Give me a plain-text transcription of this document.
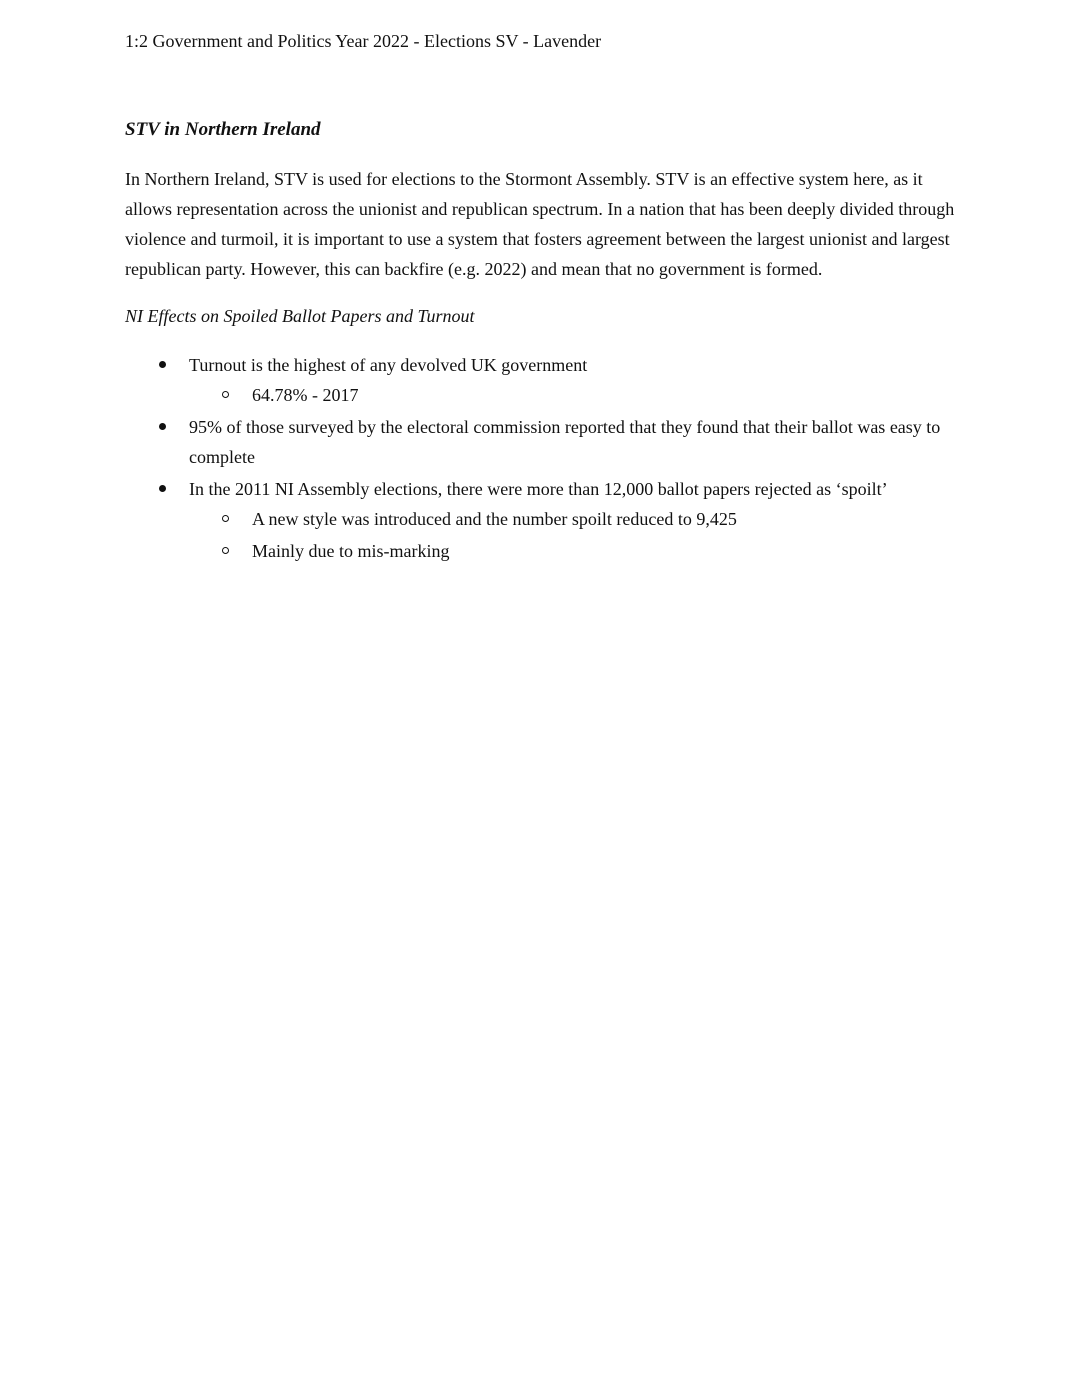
1:2 Government and Politics Year 2022 - Elections SV - Lavender
STV in Northern Ireland

In Northern Ireland, STV is used for elections to the Stormont Assembly. STV is an effective system here, as it allows representation across the unionist and republican spectrum. In a nation that has been deeply divided through violence and turmoil, it is important to use a system that fosters agreement between the largest unionist and largest republican party. However, this can backfire (e.g. 2022) and mean that no government is formed.

NI Effects on Spoiled Ballot Papers and Turnout
Turnout is the highest of any devolved UK government
64.78% - 2017
95% of those surveyed by the electoral commission reported that they found that their ballot was easy to complete
In the 2011 NI Assembly elections, there were more than 12,000 ballot papers rejected as ‘spoilt’
A new style was introduced and the number spoilt reduced to 9,425
Mainly due to mis-marking
